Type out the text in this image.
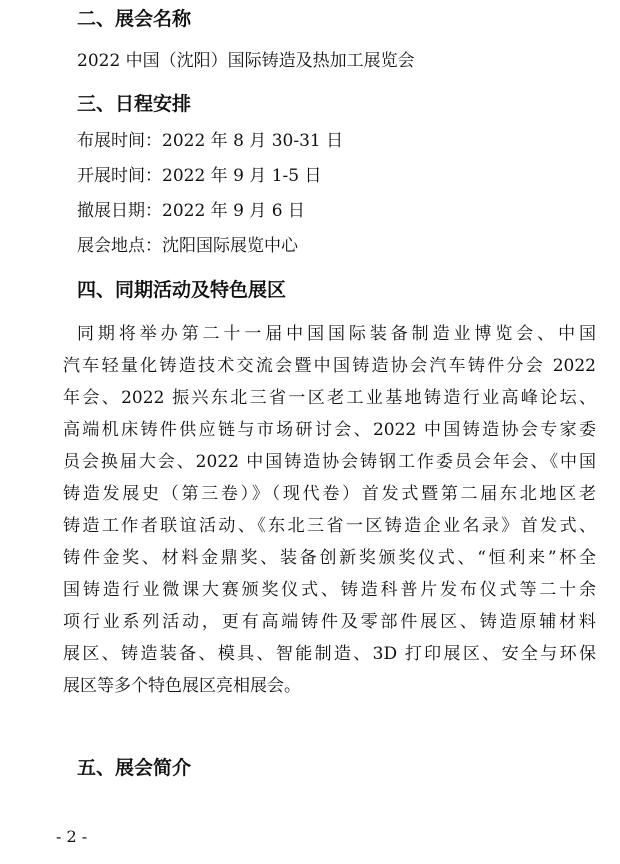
二、展会名称
2022 中国（沈阳）国际铸造及热加工展览会
三、日程安排
布展时间：2022 年 8 月 30-31 日
开展时间：2022 年 9 月 1-5 日
撤展日期：2022 年 9 月 6 日
展会地点：沈阳国际展览中心
四、同期活动及特色展区
同期将举办第二十一届中国国际装备制造业博览会、中国
汽车轻量化铸造技术交流会暨中国铸造协会汽车铸件分会 2022
年会、2022 振兴东北三省一区老工业基地铸造行业高峰论坛、
高端机床铸件供应链与市场研讨会、2022 中国铸造协会专家委
员会换届大会、2022 中国铸造协会铸钢工作委员会年会、《中国
铸造发展史（第三卷）》（现代卷）首发式暨第二届东北地区老
铸造工作者联谊活动、《东北三省一区铸造企业名录》首发式、
铸件金奖、材料金鼎奖、装备创新奖颁奖仪式、“恒利来”杯全
国铸造行业微课大赛颁奖仪式、铸造科普片发布仪式等二十余
项行业系列活动，更有高端铸件及零部件展区、铸造原辅材料
展区、铸造装备、模具、智能制造、3D 打印展区、安全与环保
展区等多个特色展区亮相展会。
五、展会简介
- 2 -
